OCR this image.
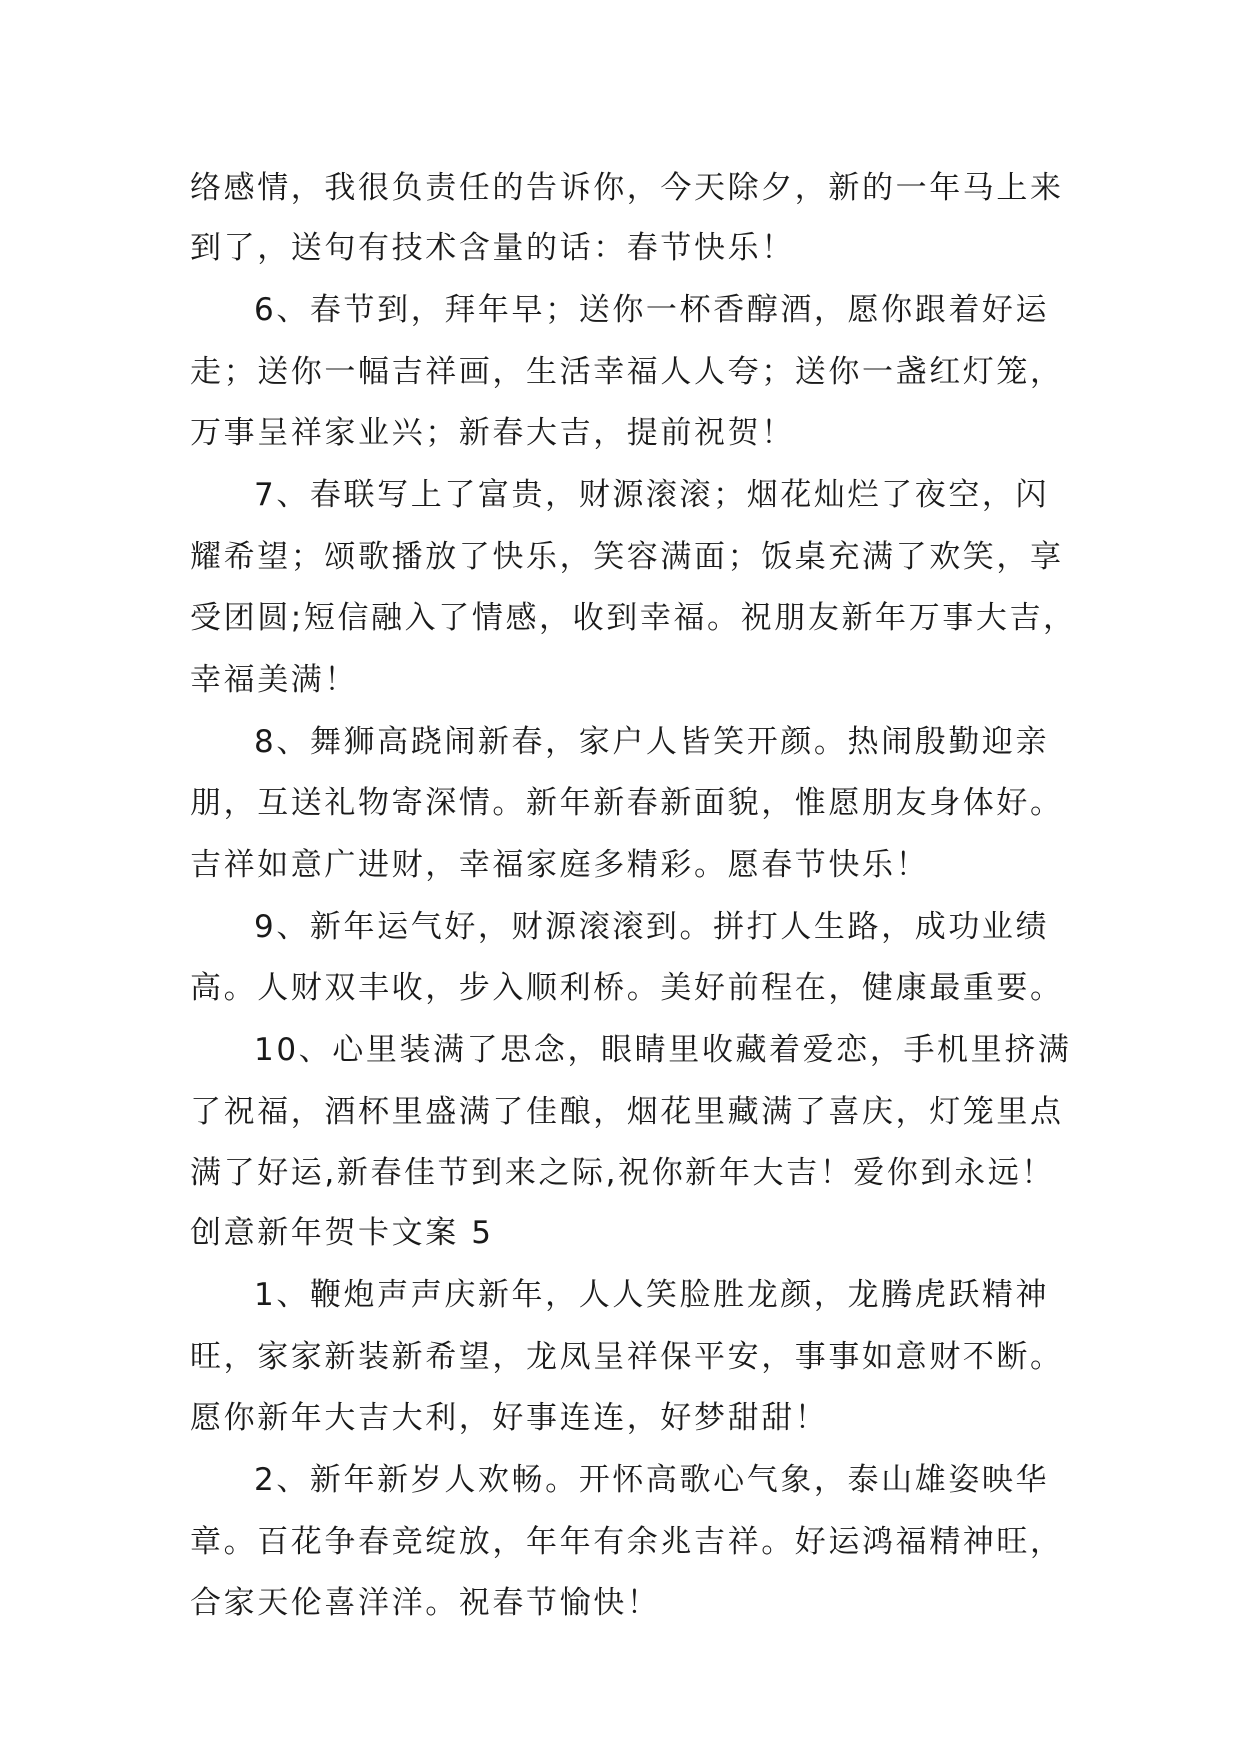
络感情，我很负责任的告诉你，今天除夕，新的一年马上来
到了，送句有技术含量的话：春节快乐！
6、春节到，拜年早；送你一杯香醇酒，愿你跟着好运
走；送你一幅吉祥画，生活幸福人人夸；送你一盏红灯笼，
万事呈祥家业兴；新春大吉，提前祝贺！
7、春联写上了富贵，财源滚滚；烟花灿烂了夜空，闪
耀希望；颂歌播放了快乐，笑容满面；饭桌充满了欢笑，享
受团圆;短信融入了情感，收到幸福。祝朋友新年万事大吉，
幸福美满！
8、舞狮高跷闹新春，家户人皆笑开颜。热闹殷勤迎亲
朋，互送礼物寄深情。新年新春新面貌，惟愿朋友身体好。
吉祥如意广进财，幸福家庭多精彩。愿春节快乐！
9、新年运气好，财源滚滚到。拼打人生路，成功业绩
高。人财双丰收，步入顺利桥。美好前程在，健康最重要。
10、心里装满了思念，眼睛里收藏着爱恋，手机里挤满
了祝福，酒杯里盛满了佳酿，烟花里藏满了喜庆，灯笼里点
满了好运,新春佳节到来之际,祝你新年大吉！爱你到永远！
创意新年贺卡文案 5
1、鞭炮声声庆新年，人人笑脸胜龙颜，龙腾虎跃精神
旺，家家新装新希望，龙凤呈祥保平安，事事如意财不断。
愿你新年大吉大利，好事连连，好梦甜甜！
2、新年新岁人欢畅。开怀高歌心气象，泰山雄姿映华
章。百花争春竞绽放，年年有余兆吉祥。好运鸿福精神旺，
合家天伦喜洋洋。祝春节愉快！
